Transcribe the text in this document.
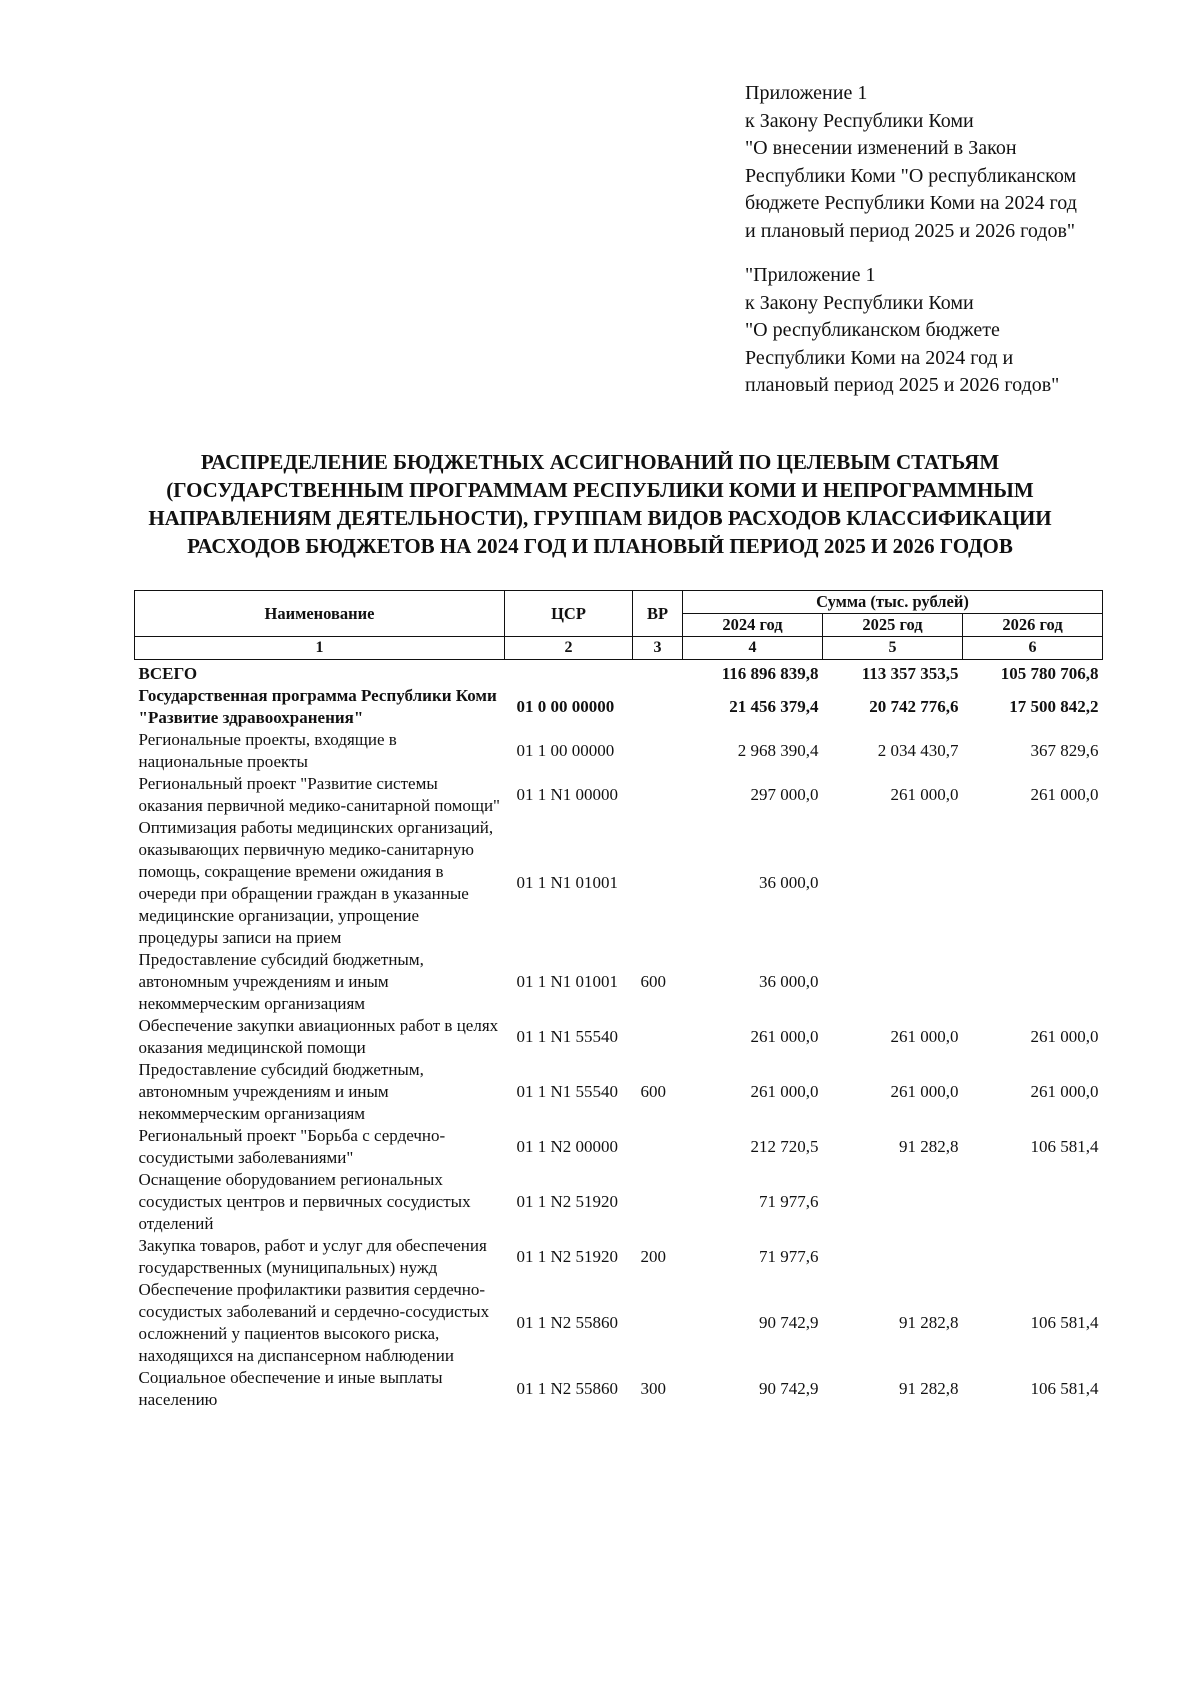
Приложение 1
к Закону Республики Коми
"О внесении изменений в Закон
Республики Коми "О республиканском
бюджете Республики Коми на 2024 год
и плановый период 2025 и 2026 годов"
"Приложение 1
к Закону Республики Коми
"О республиканском бюджете
Республики Коми на 2024 год и
плановый период 2025 и 2026 годов"
РАСПРЕДЕЛЕНИЕ БЮДЖЕТНЫХ АССИГНОВАНИЙ ПО ЦЕЛЕВЫМ СТАТЬЯМ
(ГОСУДАРСТВЕННЫМ ПРОГРАММАМ РЕСПУБЛИКИ КОМИ И НЕПРОГРАММНЫМ
НАПРАВЛЕНИЯМ ДЕЯТЕЛЬНОСТИ), ГРУППАМ ВИДОВ РАСХОДОВ КЛАССИФИКАЦИИ
РАСХОДОВ БЮДЖЕТОВ НА 2024 ГОД И ПЛАНОВЫЙ ПЕРИОД 2025 И 2026 ГОДОВ
Наименование	ЦСР	ВР	Сумма (тыс. рублей)		
			2024 год	2025 год	2026 год
1	2	3	4	5	6
ВСЕГО			116 896 839,8	113 357 353,5	105 780 706,8
Государственная программа Республики Коми "Развитие здравоохранения"	01 0 00 00000		21 456 379,4	20 742 776,6	17 500 842,2
Региональные проекты, входящие в национальные проекты	01 1 00 00000		2 968 390,4	2 034 430,7	367 829,6
Региональный проект "Развитие системы оказания первичной медико-санитарной помощи"	01 1 N1 00000		297 000,0	261 000,0	261 000,0
Оптимизация работы медицинских организаций, оказывающих первичную медико-санитарную помощь, сокращение времени ожидания в очереди при обращении граждан в указанные медицинские организации, упрощение процедуры записи на прием	01 1 N1 01001		36 000,0		
Предоставление субсидий бюджетным, автономным учреждениям и иным некоммерческим организациям	01 1 N1 01001	600	36 000,0		
Обеспечение закупки авиационных работ в целях оказания медицинской помощи	01 1 N1 55540		261 000,0	261 000,0	261 000,0
Предоставление субсидий бюджетным, автономным учреждениям и иным некоммерческим организациям	01 1 N1 55540	600	261 000,0	261 000,0	261 000,0
Региональный проект "Борьба с сердечно-сосудистыми заболеваниями"	01 1 N2 00000		212 720,5	91 282,8	106 581,4
Оснащение оборудованием региональных сосудистых центров и первичных сосудистых отделений	01 1 N2 51920		71 977,6		
Закупка товаров, работ и услуг для обеспечения государственных (муниципальных) нужд	01 1 N2 51920	200	71 977,6		
Обеспечение профилактики развития сердечно-сосудистых заболеваний и сердечно-сосудистых осложнений у пациентов высокого риска, находящихся на диспансерном наблюдении	01 1 N2 55860		90 742,9	91 282,8	106 581,4
Социальное обеспечение и иные выплаты населению	01 1 N2 55860	300	90 742,9	91 282,8	106 581,4
